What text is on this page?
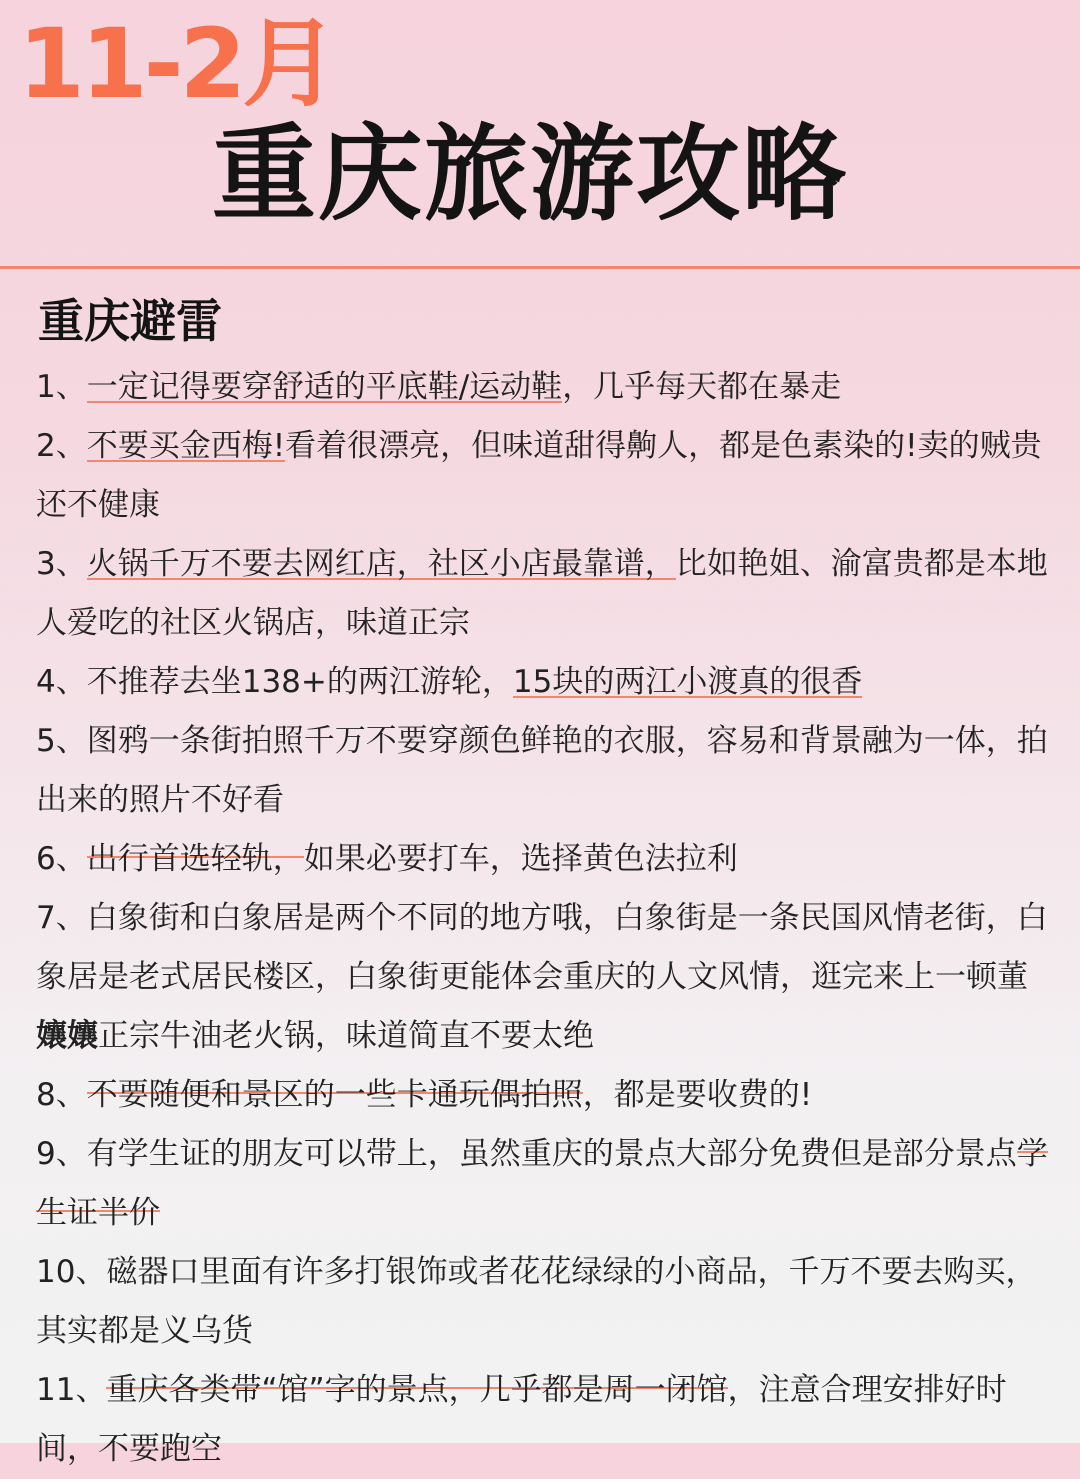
11-2月
重庆旅游攻略
重庆避雷

1、一定记得要穿舒适的平底鞋/运动鞋，几乎每天都在暴走

2、不要买金西梅!看着很漂亮，但味道甜得齁人，都是色素染的!卖的贼贵还不健康

3、火锅千万不要去网红店，社区小店最靠谱，比如艳姐、渝富贵都是本地人爱吃的社区火锅店，味道正宗

4、不推荐去坐138+的两江游轮，15块的两江小渡真的很香

5、图鸦一条街拍照千万不要穿颜色鲜艳的衣服，容易和背景融为一体，拍出来的照片不好看

6、出行首选轻轨，如果必要打车，选择黄色法拉利

7、白象街和白象居是两个不同的地方哦，白象街是一条民国风情老街，白象居是老式居民楼区，白象街更能体会重庆的人文风情，逛完来上一顿董孃孃正宗牛油老火锅，味道简直不要太绝

8、不要随便和景区的一些卡通玩偶拍照，都是要收费的!

9、有学生证的朋友可以带上，虽然重庆的景点大部分免费但是部分景点学生证半价

10、磁器口里面有许多打银饰或者花花绿绿的小商品，千万不要去购买，其实都是义乌货

11、重庆各类带“馆”字的景点，几乎都是周一闭馆，注意合理安排好时间，不要跑空
